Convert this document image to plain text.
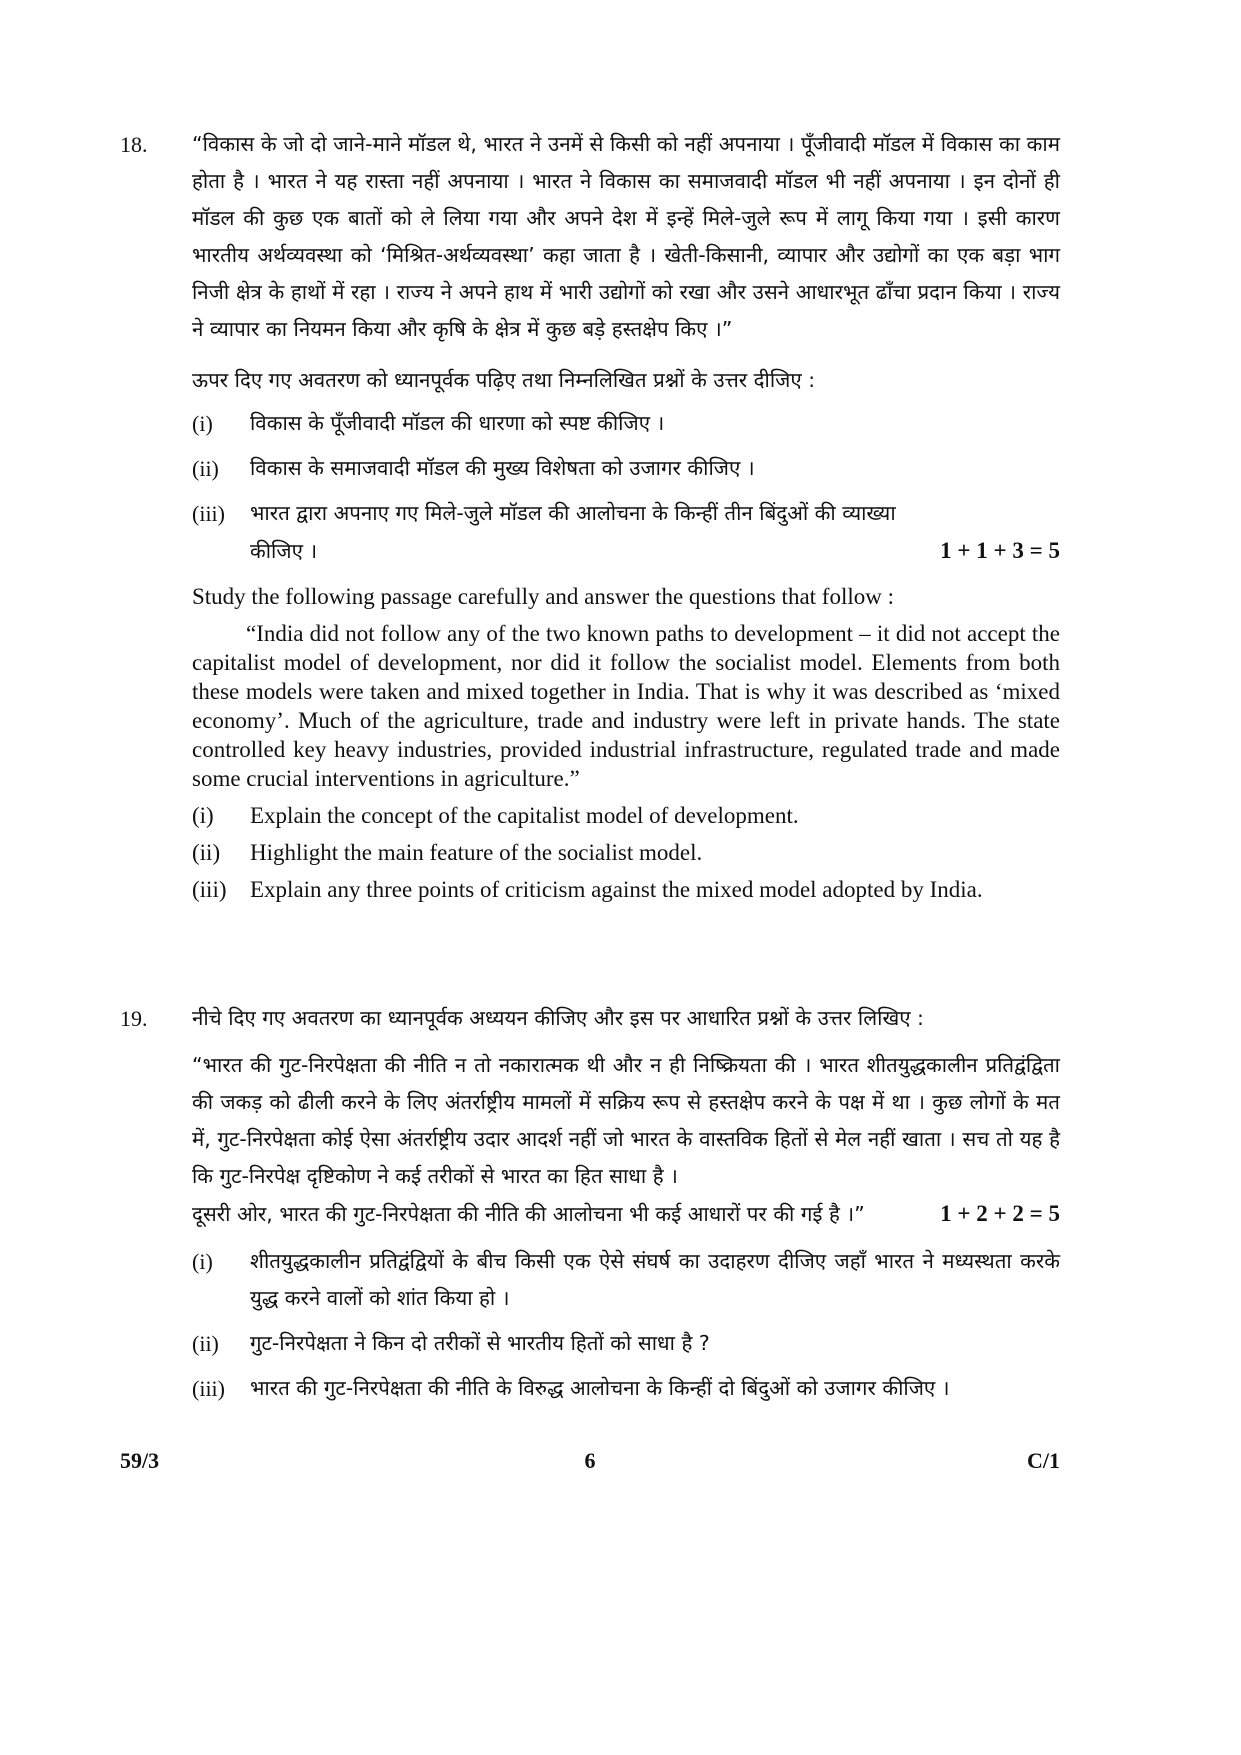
18.	“विकास के जो दो जाने-माने मॉडल थे, भारत ने उनमें से किसी को नहीं अपनाया । पूँजीवादी मॉडल में विकास का काम होता है । भारत ने यह रास्ता नहीं अपनाया । भारत ने विकास का समाजवादी मॉडल भी नहीं अपनाया । इन दोनों ही मॉडल की कुछ एक बातों को ले लिया गया और अपने देश में इन्हें मिले-जुले रूप में लागू किया गया । इसी कारण भारतीय अर्थव्यवस्था को ‘मिश्रित-अर्थव्यवस्था’ कहा जाता है । खेती-किसानी, व्यापार और उद्योगों का एक बड़ा भाग निजी क्षेत्र के हाथों में रहा । राज्य ने अपने हाथ में भारी उद्योगों को रखा और उसने आधारभूत ढाँचा प्रदान किया । राज्य ने व्यापार का नियमन किया और कृषि के क्षेत्र में कुछ बड़े हस्तक्षेप किए ।”

ऊपर दिए गए अवतरण को ध्यानपूर्वक पढ़िए तथा निम्नलिखित प्रश्नों के उत्तर दीजिए :

(i)	विकास के पूँजीवादी मॉडल की धारणा को स्पष्ट कीजिए ।
(ii)	विकास के समाजवादी मॉडल की मुख्य विशेषता को उजागर कीजिए ।
(iii)	भारत द्वारा अपनाए गए मिले-जुले मॉडल की आलोचना के किन्हीं तीन बिंदुओं की व्याख्या
कीजिए ।	1 + 1 + 3 = 5

Study the following passage carefully and answer the questions that follow :

“India did not follow any of the two known paths to development – it did not accept the capitalist model of development, nor did it follow the socialist model. Elements from both these models were taken and mixed together in India. That is why it was described as ‘mixed economy’. Much of the agriculture, trade and industry were left in private hands. The state controlled key heavy industries, provided industrial infrastructure, regulated trade and made some crucial interventions in agriculture.”

(i)	Explain the concept of the capitalist model of development.
(ii)	Highlight the main feature of the socialist model.
(iii)	Explain any three points of criticism against the mixed model adopted by India.
19.	नीचे दिए गए अवतरण का ध्यानपूर्वक अध्ययन कीजिए और इस पर आधारित प्रश्नों के उत्तर लिखिए :

“भारत की गुट-निरपेक्षता की नीति न तो नकारात्मक थी और न ही निष्क्रियता की । भारत शीतयुद्धकालीन प्रतिद्वंद्विता की जकड़ को ढीली करने के लिए अंतर्राष्ट्रीय मामलों में सक्रिय रूप से हस्तक्षेप करने के पक्ष में था । कुछ लोगों के मत में, गुट-निरपेक्षता कोई ऐसा अंतर्राष्ट्रीय उदार आदर्श नहीं जो भारत के वास्तविक हितों से मेल नहीं खाता । सच तो यह है कि गुट-निरपेक्ष दृष्टिकोण ने कई तरीकों से भारत का हित साधा है ।

दूसरी ओर, भारत की गुट-निरपेक्षता की नीति की आलोचना भी कई आधारों पर की गई है ।”	1 + 2 + 2 = 5
(i)	शीतयुद्धकालीन प्रतिद्वंद्वियों के बीच किसी एक ऐसे संघर्ष का उदाहरण दीजिए जहाँ भारत ने मध्यस्थता करके युद्ध करने वालों को शांत किया हो ।
(ii)	गुट-निरपेक्षता ने किन दो तरीकों से भारतीय हितों को साधा है ?
(iii)	भारत की गुट-निरपेक्षता की नीति के विरुद्ध आलोचना के किन्हीं दो बिंदुओं को उजागर कीजिए ।
59/3	6	C/1
